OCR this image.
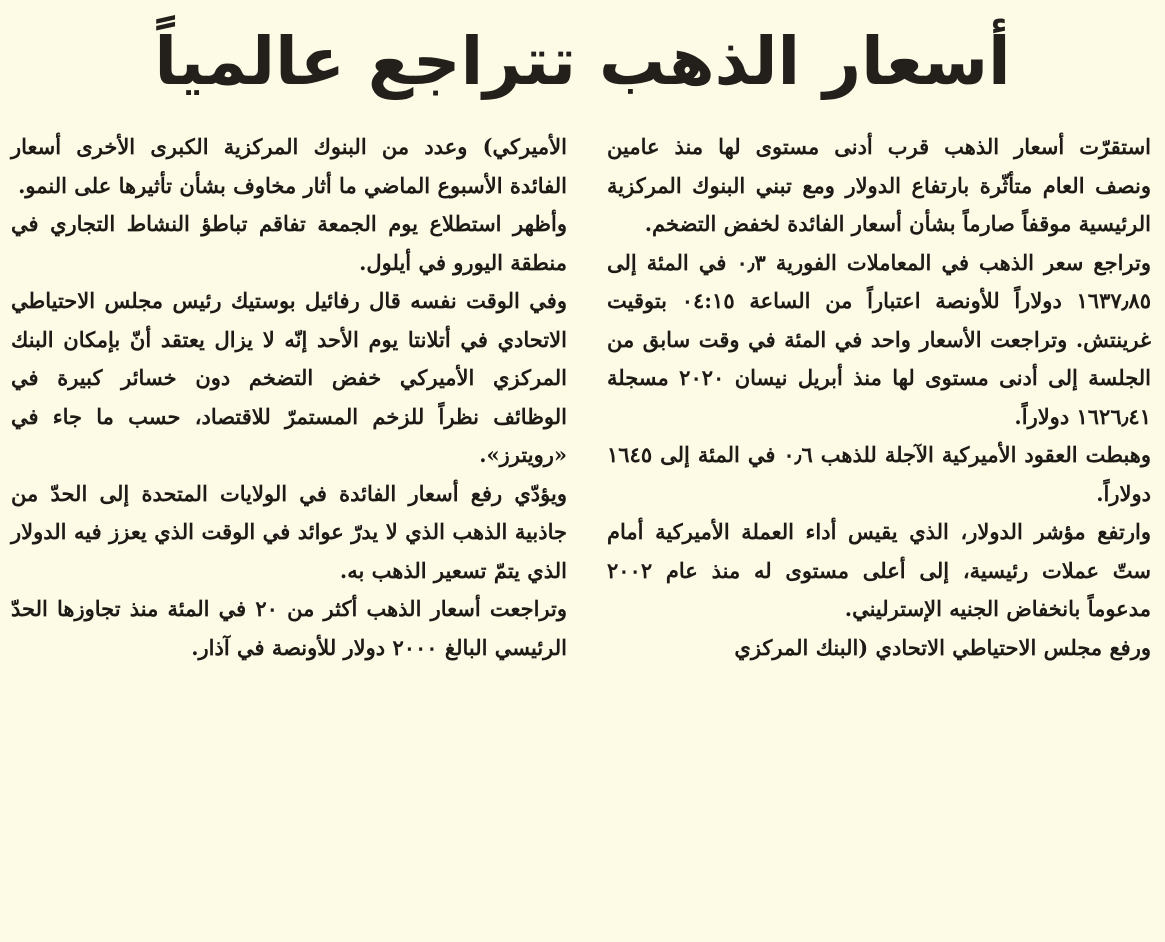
أسعار الذهب تتراجع عالمياً

استقرّت أسعار الذهب قرب أدنى مستوى لها منذ عامين ونصف العام متأثّرة بارتفاع الدولار ومع تبني البنوك المركزية الرئيسية موقفاً صارماً بشأن أسعار الفائدة لخفض التضخم.

وتراجع سعر الذهب في المعاملات الفورية ٠٫٣ في المئة إلى ١٦٣٧٫٨٥ دولاراً للأونصة اعتباراً من الساعة ٠٤:١٥ بتوقيت غرينتش. وتراجعت الأسعار واحد في المئة في وقت سابق من الجلسة إلى أدنى مستوى لها منذ أبريل نيسان ٢٠٢٠ مسجلة ١٦٢٦٫٤١ دولاراً.

وهبطت العقود الأميركية الآجلة للذهب ٠٫٦ في المئة إلى ١٦٤٥ دولاراً.

وارتفع مؤشر الدولار، الذي يقيس أداء العملة الأميركية أمام ستّ عملات رئيسية، إلى أعلى مستوى له منذ عام ٢٠٠٢ مدعوماً بانخفاض الجنيه الإسترليني.

ورفع مجلس الاحتياطي الاتحادي (البنك المركزي

الأميركي) وعدد من البنوك المركزية الكبرى الأخرى أسعار الفائدة الأسبوع الماضي ما أثار مخاوف بشأن تأثيرها على النمو.

وأظهر استطلاع يوم الجمعة تفاقم تباطؤ النشاط التجاري في منطقة اليورو في أيلول.

وفي الوقت نفسه قال رفائيل بوستيك رئيس مجلس الاحتياطي الاتحادي في أتلانتا يوم الأحد إنّه لا يزال يعتقد أنّ بإمكان البنك المركزي الأميركي خفض التضخم دون خسائر كبيرة في الوظائف نظراً للزخم المستمرّ للاقتصاد، حسب ما جاء في «رويترز».

ويؤدّي رفع أسعار الفائدة في الولايات المتحدة إلى الحدّ من جاذبية الذهب الذي لا يدرّ عوائد في الوقت الذي يعزز فيه الدولار الذي يتمّ تسعير الذهب به.

وتراجعت أسعار الذهب أكثر من ٢٠ في المئة منذ تجاوزها الحدّ الرئيسي البالغ ٢٠٠٠ دولار للأونصة في آذار.
